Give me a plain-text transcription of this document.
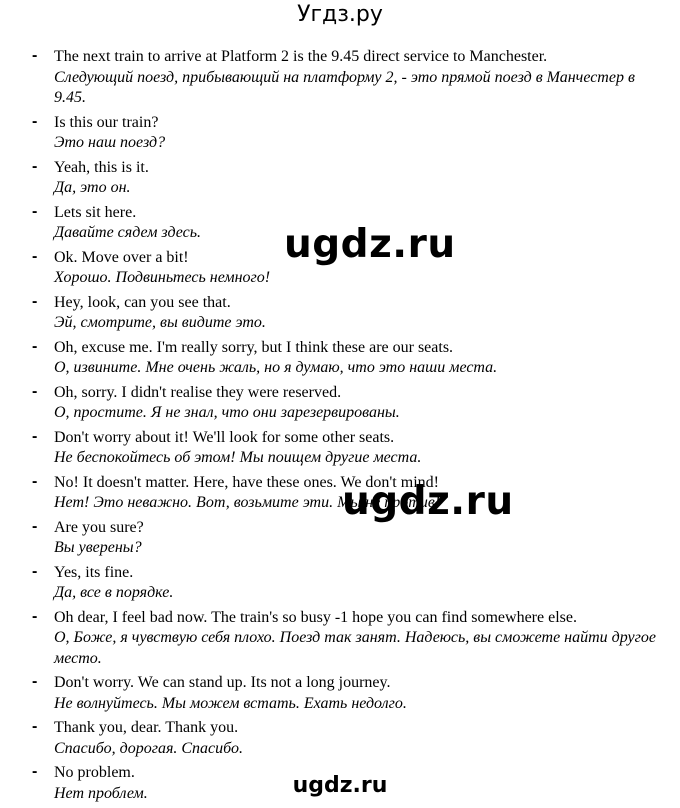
Угдз.ру
- The next train to arrive at Platform 2 is the 9.45 direct service to Manchester.
Следующий поезд, прибывающий на платформу 2, - это прямой поезд в Манчестер в 9.45.
- Is this our train?
Это наш поезд?
- Yeah, this is it.
Да, это он.
- Lets sit here.
Давайте сядем здесь.
- Ok. Move over a bit!
Хорошо. Подвиньтесь немного!
- Hey, look, can you see that.
Эй, смотрите, вы видите это.
- Oh, excuse me. I'm really sorry, but I think these are our seats.
О, извините. Мне очень жаль, но я думаю, что это наши места.
- Oh, sorry. I didn't realise they were reserved.
О, простите. Я не знал, что они зарезервированы.
- Don't worry about it! We'll look for some other seats.
Не беспокойтесь об этом! Мы поищем другие места.
- No! It doesn't matter. Here, have these ones. We don't mind!
Нет! Это неважно. Вот, возьмите эти. Мы не против!
- Are you sure?
Вы уверены?
- Yes, its fine.
Да, все в порядке.
- Oh dear, I feel bad now. The train's so busy -1 hope you can find somewhere else.
О, Боже, я чувствую себя плохо. Поезд так занят. Надеюсь, вы сможете найти другое место.
- Don't worry. We can stand up. Its not a long journey.
Не волнуйтесь. Мы можем встать. Ехать недолго.
- Thank you, dear. Thank you.
Спасибо, дорогая. Спасибо.
- No problem.
Нет проблем.
ugdz.ru
ugdz.ru
ugdz.ru
